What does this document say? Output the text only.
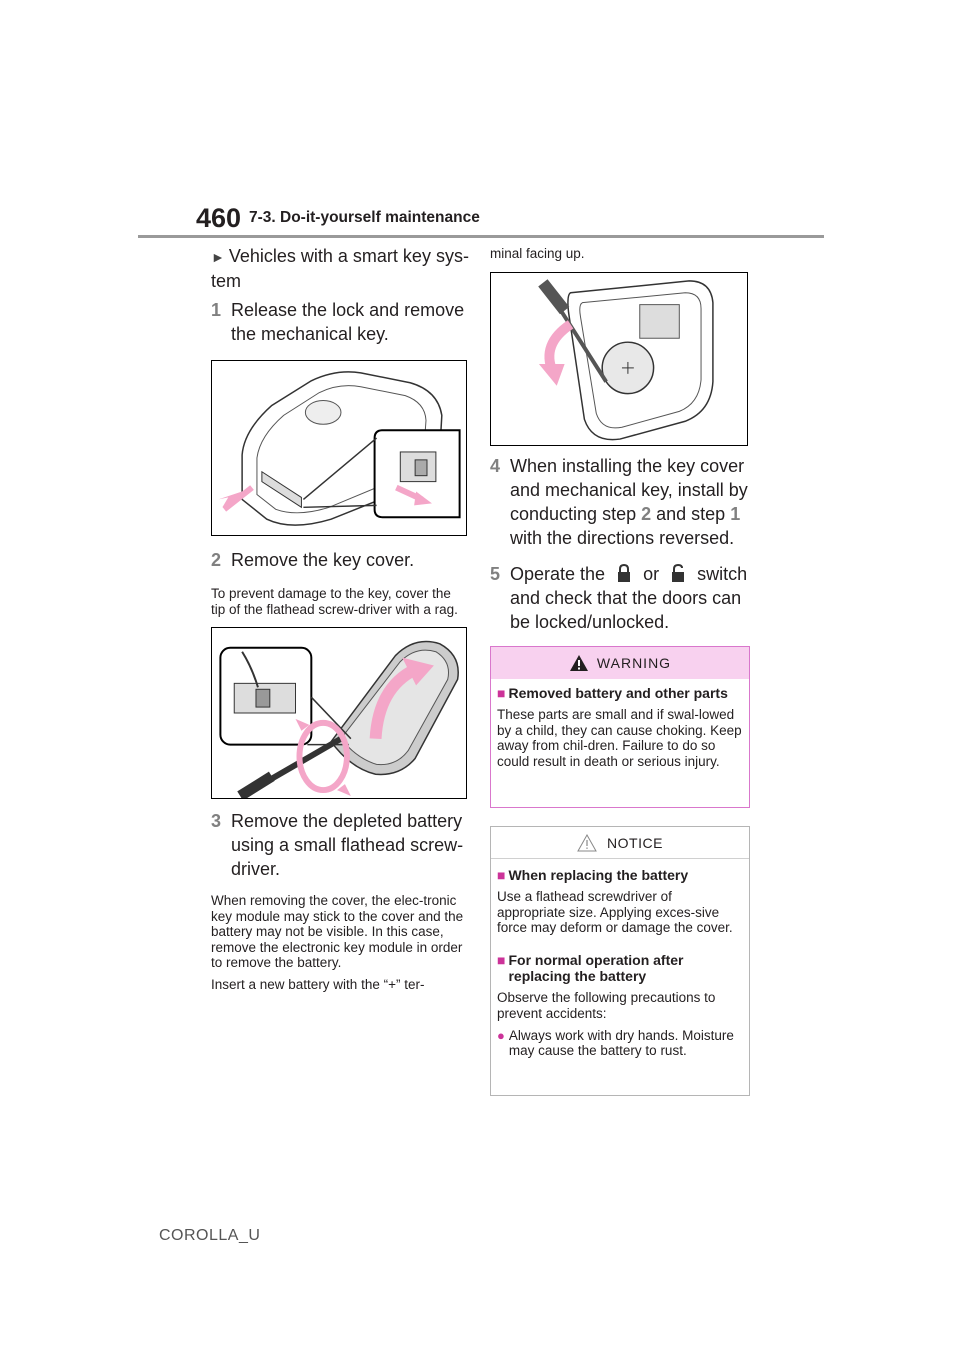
460 7-3. Do-it-yourself maintenance
► Vehicles with a smart key sys-tem
1 Release the lock and remove the mechanical key.
2 Remove the key cover.
To prevent damage to the key, cover the tip of the flathead screw-driver with a rag.
3 Remove the depleted battery using a small flathead screw-driver.
When removing the cover, the elec-tronic key module may stick to the cover and the battery may not be visible. In this case, remove the electronic key module in order to remove the battery.
Insert a new battery with the “+” ter-
minal facing up.
4 When installing the key cover and mechanical key, install by conducting step 2 and step 1 with the directions reversed.
5 Operate the or switch and check that the doors can be locked/unlocked.
WARNING
■ Removed battery and other parts
These parts are small and if swal-lowed by a child, they can cause choking. Keep away from chil-dren. Failure to do so could result in death or serious injury.
NOTICE
■ When replacing the battery
Use a flathead screwdriver of appropriate size. Applying exces-sive force may deform or damage the cover.
■ For normal operation after replacing the battery
Observe the following precautions to prevent accidents:
● Always work with dry hands. Moisture may cause the battery to rust.
COROLLA_U
